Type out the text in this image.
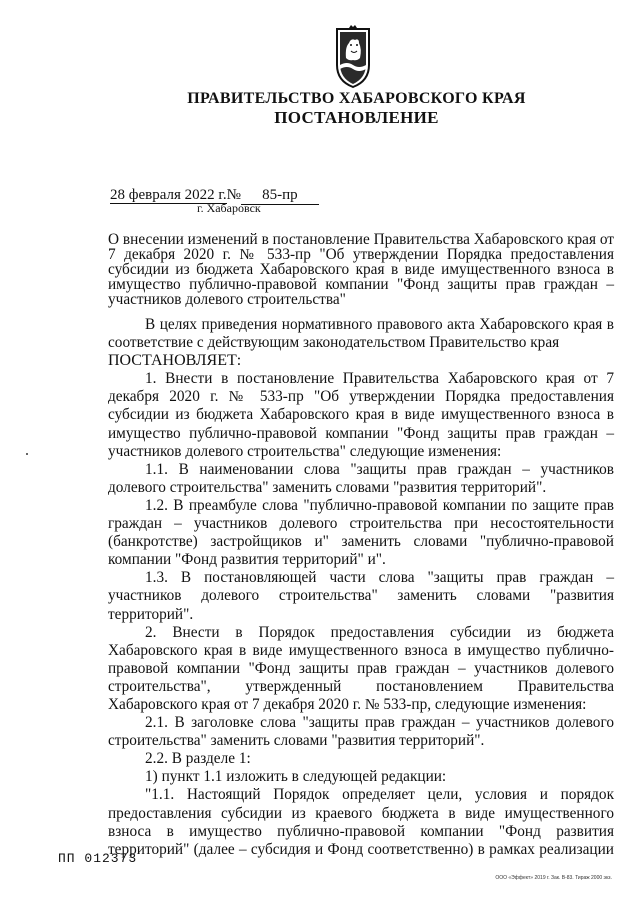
ПРАВИТЕЛЬСТВО ХАБАРОВСКОГО КРАЯ
ПОСТАНОВЛЕНИЕ
28 февраля 2022 г.№ 85-пр
г. Хабаровск
О внесении изменений в постановление Правительства Хабаровского края от 7 декабря 2020 г. № 533-пр "Об утверждении Порядка предоставления субсидии из бюджета Хабаровского края в виде имущественного взноса в имущество публично-правовой компании "Фонд защиты прав граждан – участников долевого строительства"

В целях приведения нормативного правового акта Хабаровского края в соответствие с действующим законодательством Правительство края

ПОСТАНОВЛЯЕТ:

1. Внести в постановление Правительства Хабаровского края от 7 декабря 2020 г. № 533-пр "Об утверждении Порядка предоставления субсидии из бюджета Хабаровского края в виде имущественного взноса в имущество публично-правовой компании "Фонд защиты прав граждан – участников долевого строительства" следующие изменения:

1.1. В наименовании слова "защиты прав граждан – участников долевого строительства" заменить словами "развития территорий".

1.2. В преамбуле слова "публично-правовой компании по защите прав граждан – участников долевого строительства при несостоятельности (банкротстве) застройщиков и" заменить словами "публично-правовой компании "Фонд развития территорий" и".

1.3. В постановляющей части слова "защиты прав граждан – участников долевого строительства" заменить словами "развития территорий".

2. Внести в Порядок предоставления субсидии из бюджета Хабаровского края в виде имущественного взноса в имущество публично-правовой компании "Фонд защиты прав граждан – участников долевого строительства", утвержденный постановлением Правительства Хабаровского края от 7 декабря 2020 г. № 533-пр, следующие изменения:

2.1. В заголовке слова "защиты прав граждан – участников долевого строительства" заменить словами "развития территорий".

2.2. В разделе 1:

1) пункт 1.1 изложить в следующей редакции:

"1.1. Настоящий Порядок определяет цели, условия и порядок предоставления субсидии из краевого бюджета в виде имущественного взноса в имущество публично-правовой компании "Фонд развития территорий" (далее – субсидия и Фонд соответственно) в рамках реализации

ПП 012373
ООО «Эффект» 2019 г. Зак. В-83. Тираж 2000 экз.
